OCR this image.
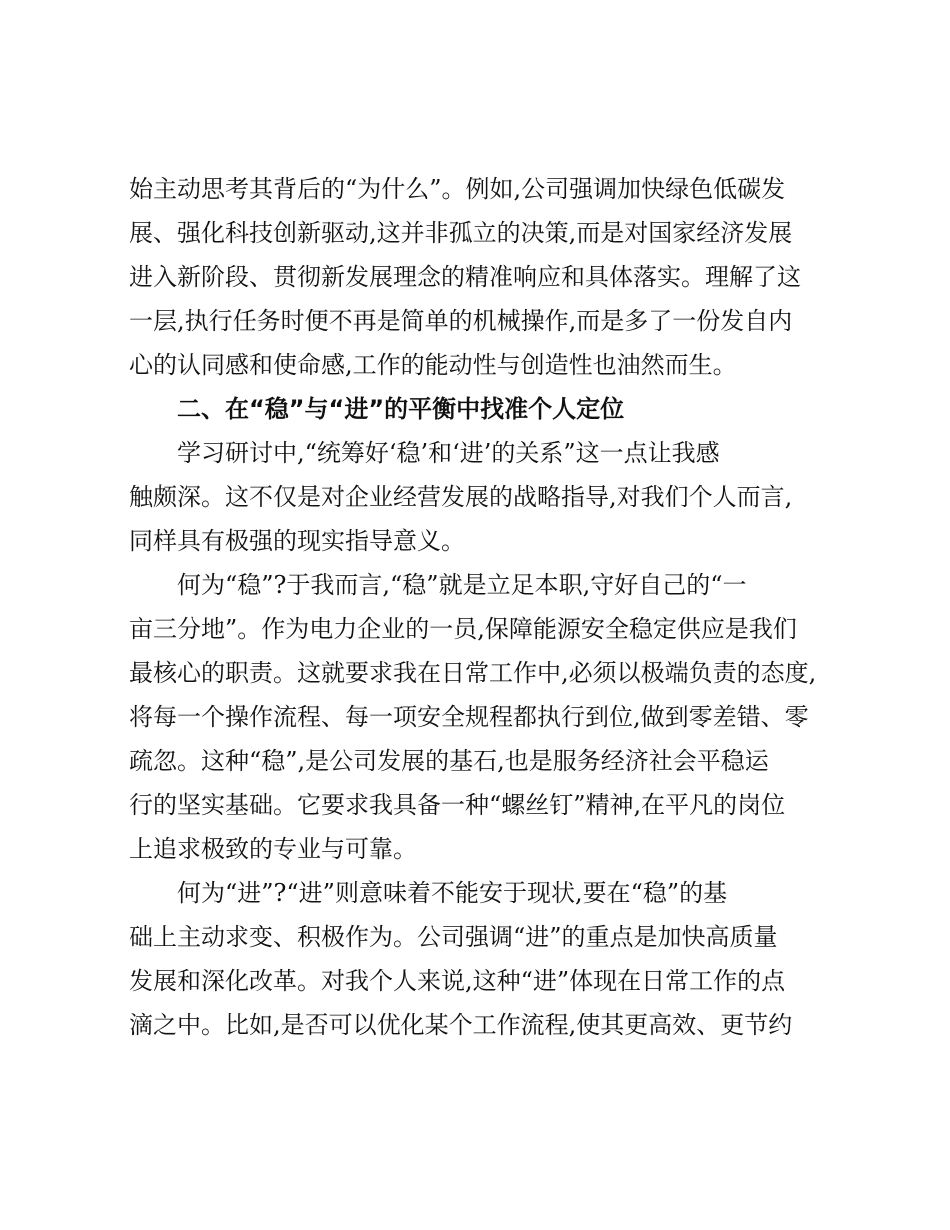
始主动思考其背后的“为什么”。例如,公司强调加快绿色低碳发
展、强化科技创新驱动,这并非孤立的决策,而是对国家经济发展
进入新阶段、贯彻新发展理念的精准响应和具体落实。理解了这
一层,执行任务时便不再是简单的机械操作,而是多了一份发自内
心的认同感和使命感,工作的能动性与创造性也油然而生。
二、在“稳”与“进”的平衡中找准个人定位
学习研讨中,“统筹好‘稳’和‘进’的关系”这一点让我感
触颇深。这不仅是对企业经营发展的战略指导,对我们个人而言,
同样具有极强的现实指导意义。
何为“稳”?于我而言,“稳”就是立足本职,守好自己的“一
亩三分地”。作为电力企业的一员,保障能源安全稳定供应是我们
最核心的职责。这就要求我在日常工作中,必须以极端负责的态度,
将每一个操作流程、每一项安全规程都执行到位,做到零差错、零
疏忽。这种“稳”,是公司发展的基石,也是服务经济社会平稳运
行的坚实基础。它要求我具备一种“螺丝钉”精神,在平凡的岗位
上追求极致的专业与可靠。
何为“进”?“进”则意味着不能安于现状,要在“稳”的基
础上主动求变、积极作为。公司强调“进”的重点是加快高质量
发展和深化改革。对我个人来说,这种“进”体现在日常工作的点
滴之中。比如,是否可以优化某个工作流程,使其更高效、更节约
